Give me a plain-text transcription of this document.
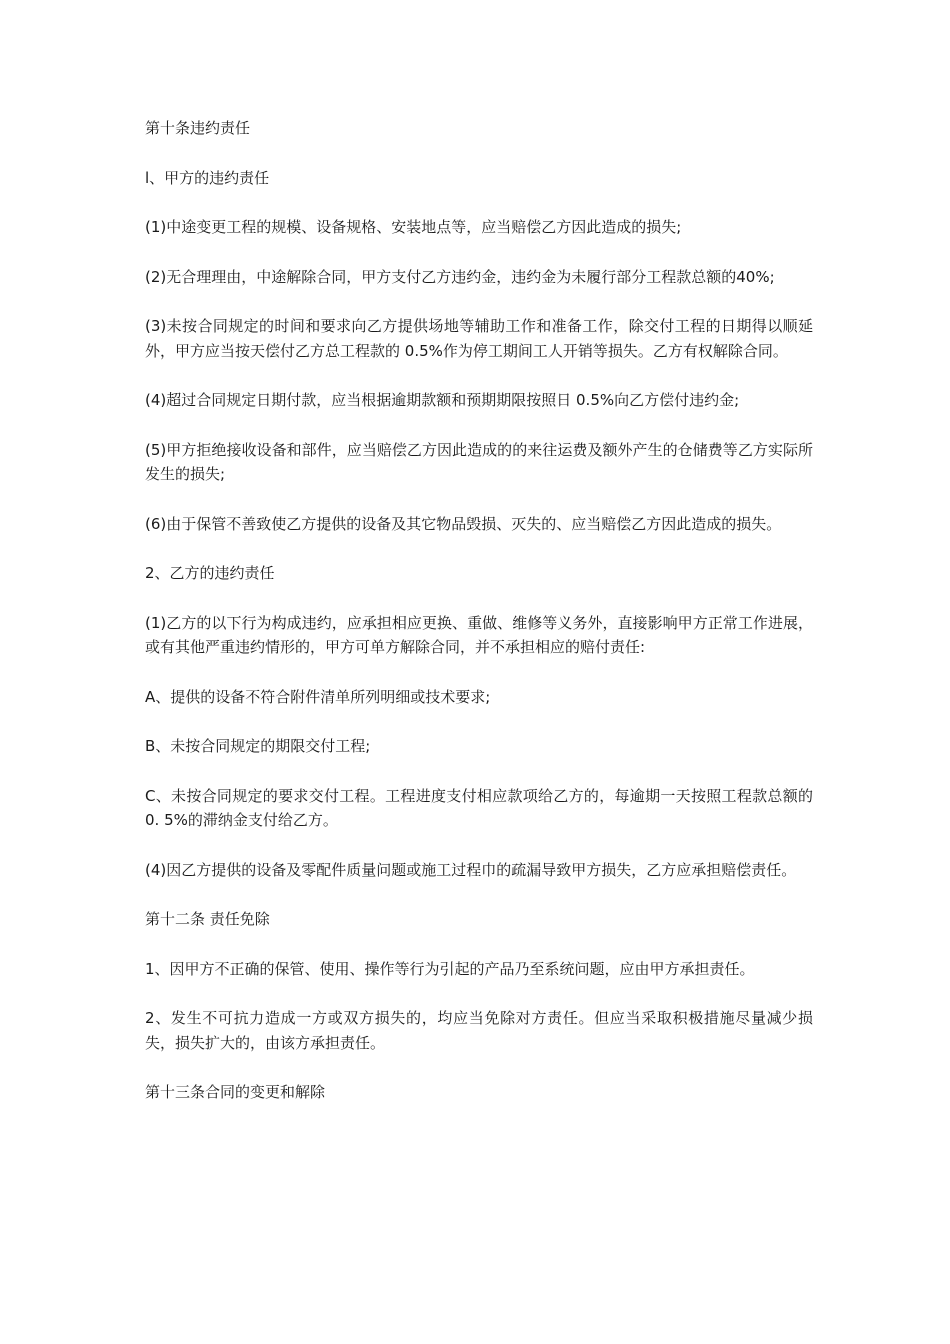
第十条违约责任

l、甲方的违约责任

(1)中途变更工程的规模、设备规格、安装地点等，应当赔偿乙方因此造成的损失;

(2)无合理理由，中途解除合同，甲方支付乙方违约金，违约金为未履行部分工程款总额的40%;

(3)未按合同规定的时间和要求向乙方提供场地等辅助工作和准备工作，除交付工程的日期得以顺延外，甲方应当按天偿付乙方总工程款的 0.5%作为停工期间工人开销等损失。乙方有权解除合同。

(4)超过合同规定日期付款，应当根据逾期款额和预期期限按照日 0.5%向乙方偿付违约金;

(5)甲方拒绝接收设备和部件，应当赔偿乙方因此造成的的来往运费及额外产生的仓储费等乙方实际所发生的损失;

(6)由于保管不善致使乙方提供的设备及其它物品毁损、灭失的、应当赔偿乙方因此造成的损失。

2、乙方的违约责任

(1)乙方的以下行为构成违约，应承担相应更换、重做、维修等义务外，直接影响甲方正常工作进展，或有其他严重违约情形的，甲方可单方解除合同，并不承担相应的赔付责任:

A、提供的设备不符合附件清单所列明细或技术要求;

B、未按合同规定的期限交付工程;

C、未按合同规定的要求交付工程。工程进度支付相应款项给乙方的，每逾期一天按照工程款总额的 0. 5%的滞纳金支付给乙方。

(4)因乙方提供的设备及零配件质量问题或施工过程巾的疏漏导致甲方损失，乙方应承担赔偿责任。

第十二条 责任免除

1、因甲方不正确的保管、使用、操作等行为引起的产品乃至系统问题，应由甲方承担责任。

2、发生不可抗力造成一方或双方损失的，均应当免除对方责任。但应当采取积极措施尽量减少损失，损失扩大的，由该方承担责任。

第十三条合同的变更和解除
